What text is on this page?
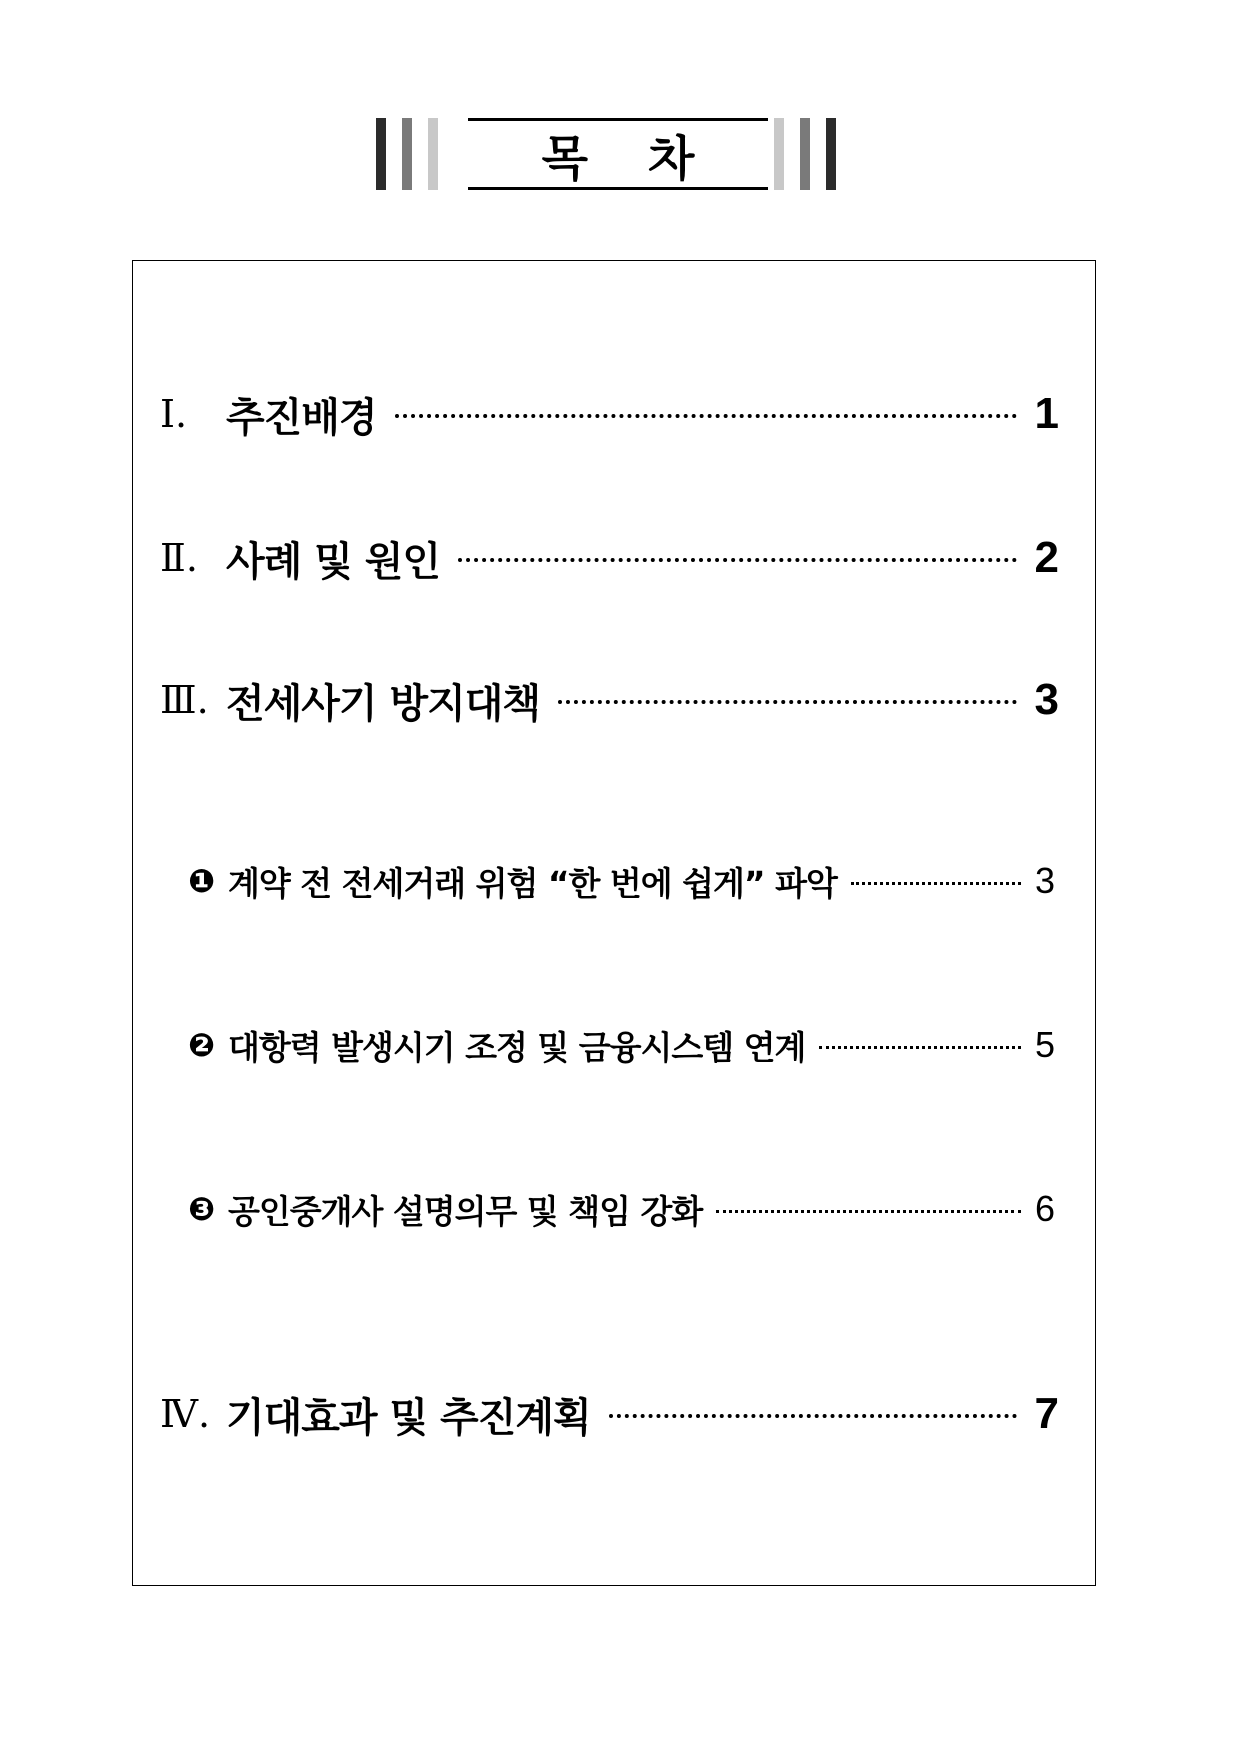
목차
Ⅰ. 추진배경	1
Ⅱ. 사례 및 원인	2
Ⅲ. 전세사기 방지대책	3
❶ 계약 전 전세거래 위험 “한 번에 쉽게” 파악	3
❷ 대항력 발생시기 조정 및 금융시스템 연계	5
❸ 공인중개사 설명의무 및 책임 강화	6
Ⅳ. 기대효과 및 추진계획	7
